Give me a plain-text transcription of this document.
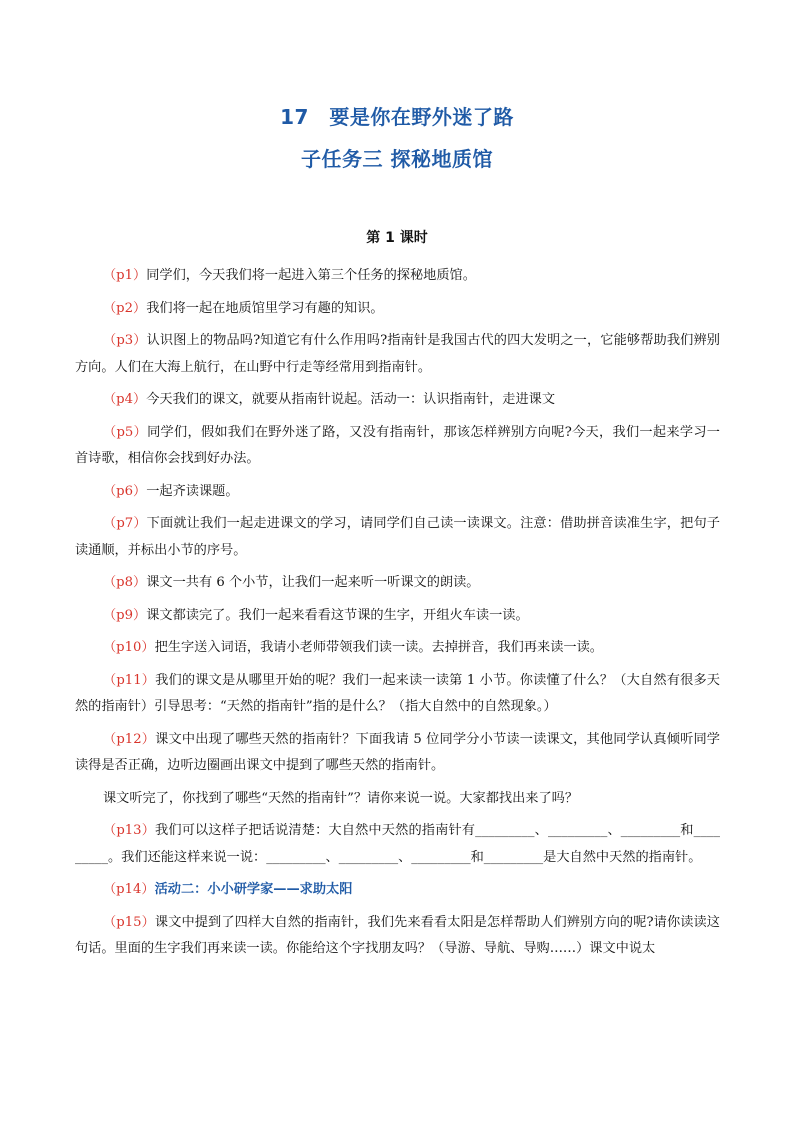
17　要是你在野外迷了路
子任务三 探秘地质馆
第 1 课时

（p1）同学们，今天我们将一起进入第三个任务的探秘地质馆。

（p2）我们将一起在地质馆里学习有趣的知识。

（p3）认识图上的物品吗?知道它有什么作用吗?指南针是我国古代的四大发明之一，它能够帮助我们辨别方向。人们在大海上航行，在山野中行走等经常用到指南针。

（p4）今天我们的课文，就要从指南针说起。活动一：认识指南针，走进课文

（p5）同学们，假如我们在野外迷了路，又没有指南针，那该怎样辨别方向呢?今天，我们一起来学习一首诗歌，相信你会找到好办法。

（p6）一起齐读课题。

（p7）下面就让我们一起走进课文的学习，请同学们自己读一读课文。注意：借助拼音读准生字，把句子读通顺，并标出小节的序号。

（p8）课文一共有 6 个小节，让我们一起来听一听课文的朗读。

（p9）课文都读完了。我们一起来看看这节课的生字，开组火车读一读。

（p10）把生字送入词语，我请小老师带领我们读一读。去掉拼音，我们再来读一读。

（p11）我们的课文是从哪里开始的呢？我们一起来读一读第 1 小节。你读懂了什么？（大自然有很多天然的指南针）引导思考：“天然的指南针”指的是什么？（指大自然中的自然现象。）

（p12）课文中出现了哪些天然的指南针？下面我请 5 位同学分小节读一读课文，其他同学认真倾听同学读得是否正确，边听边圈画出课文中提到了哪些天然的指南针。

课文听完了，你找到了哪些“天然的指南针”？请你来说一说。大家都找出来了吗？

（p13）我们可以这样子把话说清楚：大自然中天然的指南针有_________、_________、_________和_________。我们还能这样来说一说：_________、_________、_________和_________是大自然中天然的指南针。

（p14）活动二：小小研学家——求助太阳

（p15）课文中提到了四样大自然的指南针，我们先来看看太阳是怎样帮助人们辨别方向的呢?请你读读这句话。里面的生字我们再来读一读。你能给这个字找朋友吗？（导游、导航、导购……）课文中说太
